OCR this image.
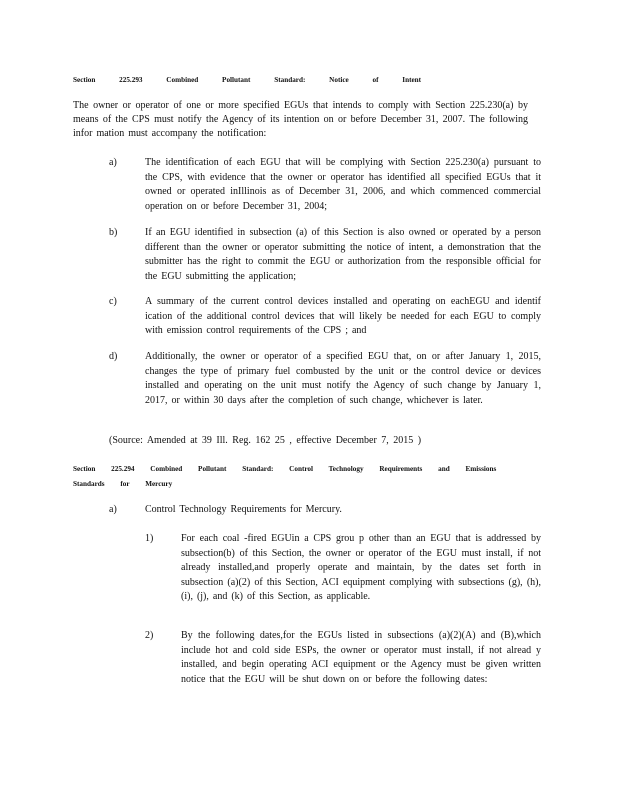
Section 225.293 Combined Pollutant Standard: Notice of Intent
The owner or operator of one or more specified EGUs that intends to comply with Section 225.230(a) by means of the CPS must notify the Agency of its intention on or before December 31, 2007. The following infor mation must accompany the notification:
a)	The identification of each EGU that will be complying with Section 225.230(a) pursuant to the CPS, with evidence that the owner or operator has identified all specified EGUs that it owned or operated inIllinois as of December 31, 2006, and which commenced commercial operation on or before December 31, 2004;
b)	If an EGU identified in subsection (a) of this Section is also owned or operated by a person different than the owner or operator submitting the notice of intent, a demonstration that the submitter has the right to commit the EGU or authorization from the responsible official for the EGU submitting the application;
c)	A summary of the current control devices installed and operating on eachEGU and identif ication of the additional control devices that will likely be needed for each EGU to comply with emission control requirements of the CPS ; and
d)	Additionally, the owner or operator of a specified EGU that, on or after January 1, 2015, changes the type of primary fuel combusted by the unit or the control device or devices installed and operating on the unit must notify the Agency of such change by January 1, 2017, or within 30 days after the completion of such change, whichever is later.
(Source: Amended at 39 Ill. Reg. 162 25 , effective December 7, 2015 )
Section 225.294 Combined Pollutant Standard: Control Technology Requirements and Emissions Standards for Mercury
a)	Control Technology Requirements for Mercury.
1)	For each coal -fired EGUin a CPS grou p other than an EGU that is addressed by subsection(b) of this Section, the owner or operator of the EGU must install, if not already installed,and properly operate and maintain, by the dates set forth in subsection (a)(2) of this Section, ACI equipment complying with subsections (g), (h), (i), (j), and (k) of this Section, as applicable.
2)	By the following dates,for the EGUs listed in subsections (a)(2)(A) and (B),which include hot and cold side ESPs, the owner or operator must install, if not alread y installed, and begin operating ACI equipment or the Agency must be given written notice that the EGU will be shut down on or before the following dates:
